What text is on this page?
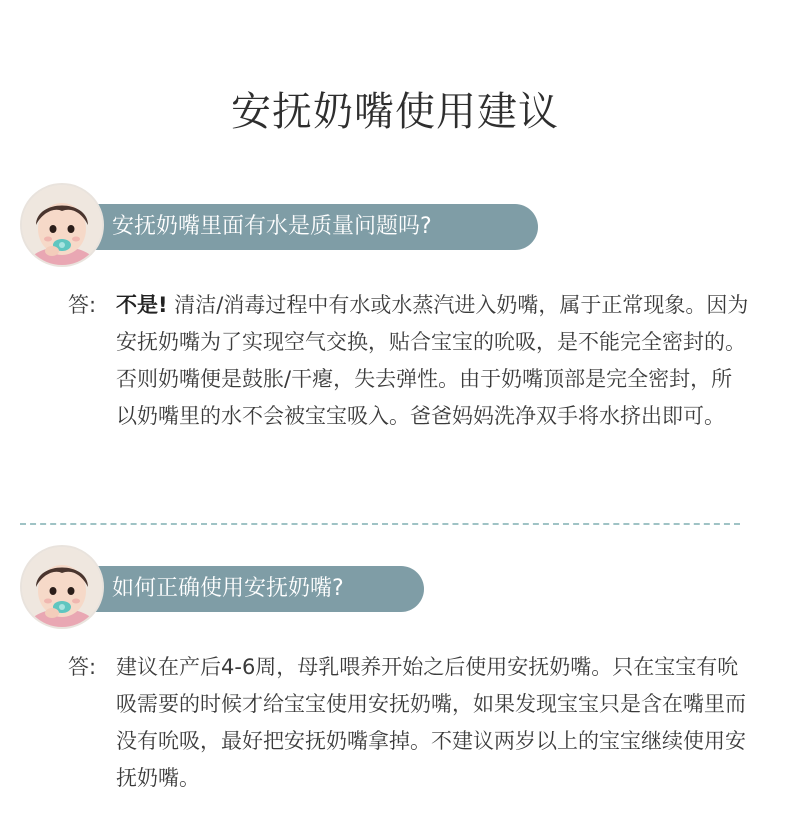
安抚奶嘴使用建议
安抚奶嘴里面有水是质量问题吗?
答: 不是! 清洁/消毒过程中有水或水蒸汽进入奶嘴，属于正常现象。因为安抚奶嘴为了实现空气交换，贴合宝宝的吮吸，是不能完全密封的。否则奶嘴便是鼓胀/干瘪，失去弹性。由于奶嘴顶部是完全密封，所以奶嘴里的水不会被宝宝吸入。爸爸妈妈洗净双手将水挤出即可。
如何正确使用安抚奶嘴?
答: 建议在产后4-6周，母乳喂养开始之后使用安抚奶嘴。只在宝宝有吮吸需要的时候才给宝宝使用安抚奶嘴，如果发现宝宝只是含在嘴里而没有吮吸，最好把安抚奶嘴拿掉。不建议两岁以上的宝宝继续使用安抚奶嘴。
